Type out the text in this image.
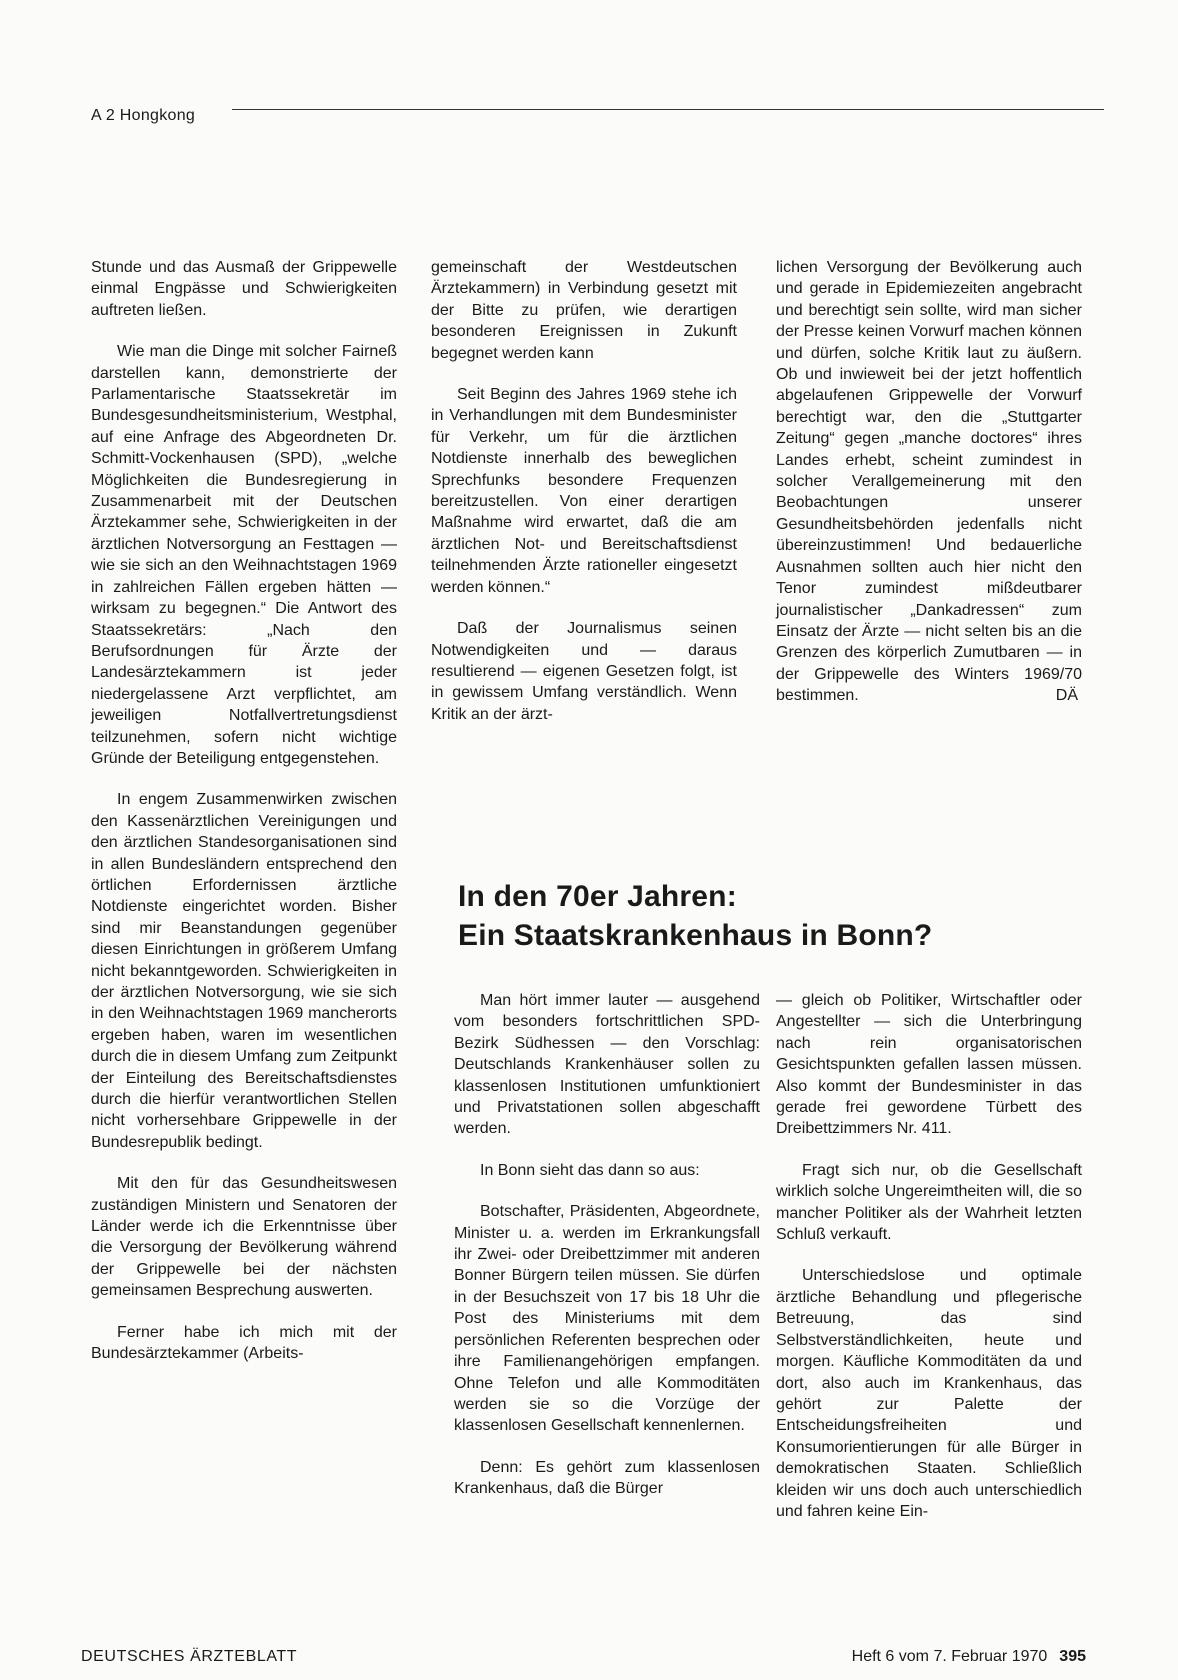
A 2 Hongkong

Stunde und das Ausmaß der Grippewelle einmal Engpässe und Schwierigkeiten auftreten ließen.

Wie man die Dinge mit solcher Fairneß darstellen kann, demonstrierte der Parlamentarische Staatssekretär im Bundesgesundheitsministerium, Westphal, auf eine Anfrage des Abgeordneten Dr. Schmitt-Vockenhausen (SPD), „welche Möglichkeiten die Bundesregierung in Zusammenarbeit mit der Deutschen Ärztekammer sehe, Schwierigkeiten in der ärztlichen Notversorgung an Festtagen — wie sie sich an den Weihnachtstagen 1969 in zahlreichen Fällen ergeben hätten — wirksam zu begegnen.“ Die Antwort des Staatssekretärs: „Nach den Berufsordnungen für Ärzte der Landesärztekammern ist jeder niedergelassene Arzt verpflichtet, am jeweiligen Notfallvertretungsdienst teilzunehmen, sofern nicht wichtige Gründe der Beteiligung entgegenstehen.

In engem Zusammenwirken zwischen den Kassenärztlichen Vereinigungen und den ärztlichen Standesorganisationen sind in allen Bundesländern entsprechend den örtlichen Erfordernissen ärztliche Notdienste eingerichtet worden. Bisher sind mir Beanstandungen gegenüber diesen Einrichtungen in größerem Umfang nicht bekanntgeworden. Schwierigkeiten in der ärztlichen Notversorgung, wie sie sich in den Weihnachtstagen 1969 mancherorts ergeben haben, waren im wesentlichen durch die in diesem Umfang zum Zeitpunkt der Einteilung des Bereitschaftsdienstes durch die hierfür verantwortlichen Stellen nicht vorhersehbare Grippewelle in der Bundesrepublik bedingt.

Mit den für das Gesundheitswesen zuständigen Ministern und Senatoren der Länder werde ich die Erkenntnisse über die Versorgung der Bevölkerung während der Grippewelle bei der nächsten gemeinsamen Besprechung auswerten.

Ferner habe ich mich mit der Bundesärztekammer (Arbeits-

gemeinschaft der Westdeutschen Ärztekammern) in Verbindung gesetzt mit der Bitte zu prüfen, wie derartigen besonderen Ereignissen in Zukunft begegnet werden kann

Seit Beginn des Jahres 1969 stehe ich in Verhandlungen mit dem Bundesminister für Verkehr, um für die ärztlichen Notdienste innerhalb des beweglichen Sprechfunks besondere Frequenzen bereitzustellen. Von einer derartigen Maßnahme wird erwartet, daß die am ärztlichen Not- und Bereitschaftsdienst teilnehmenden Ärzte rationeller eingesetzt werden können.“

Daß der Journalismus seinen Notwendigkeiten und — daraus resultierend — eigenen Gesetzen folgt, ist in gewissem Umfang verständlich. Wenn Kritik an der ärzt-

lichen Versorgung der Bevölkerung auch und gerade in Epidemiezeiten angebracht und berechtigt sein sollte, wird man sicher der Presse keinen Vorwurf machen können und dürfen, solche Kritik laut zu äußern. Ob und inwieweit bei der jetzt hoffentlich abgelaufenen Grippewelle der Vorwurf berechtigt war, den die „Stuttgarter Zeitung“ gegen „manche doctores“ ihres Landes erhebt, scheint zumindest in solcher Verallgemeinerung mit den Beobachtungen unserer Gesundheitsbehörden jedenfalls nicht übereinzustimmen! Und bedauerliche Ausnahmen sollten auch hier nicht den Tenor zumindest mißdeutbarer journalistischer „Dankadressen“ zum Einsatz der Ärzte — nicht selten bis an die Grenzen des körperlich Zumutbaren — in der Grippewelle des Winters 1969/70 bestimmen.	DÄ

In den 70er Jahren:
Ein Staatskrankenhaus in Bonn?

Man hört immer lauter — ausgehend vom besonders fortschrittlichen SPD-Bezirk Südhessen — den Vorschlag: Deutschlands Krankenhäuser sollen zu klassenlosen Institutionen umfunktioniert und Privatstationen sollen abgeschafft werden.

In Bonn sieht das dann so aus:

Botschafter, Präsidenten, Abgeordnete, Minister u. a. werden im Erkrankungsfall ihr Zwei- oder Dreibettzimmer mit anderen Bonner Bürgern teilen müssen. Sie dürfen in der Besuchszeit von 17 bis 18 Uhr die Post des Ministeriums mit dem persönlichen Referenten besprechen oder ihre Familienangehörigen empfangen. Ohne Telefon und alle Kommoditäten werden sie so die Vorzüge der klassenlosen Gesellschaft kennenlernen.

Denn: Es gehört zum klassenlosen Krankenhaus, daß die Bürger

— gleich ob Politiker, Wirtschaftler oder Angestellter — sich die Unterbringung nach rein organisatorischen Gesichtspunkten gefallen lassen müssen. Also kommt der Bundesminister in das gerade frei gewordene Türbett des Dreibettzimmers Nr. 411.

Fragt sich nur, ob die Gesellschaft wirklich solche Ungereimtheiten will, die so mancher Politiker als der Wahrheit letzten Schluß verkauft.

Unterschiedslose und optimale ärztliche Behandlung und pflegerische Betreuung, das sind Selbstverständlichkeiten, heute und morgen. Käufliche Kommoditäten da und dort, also auch im Krankenhaus, das gehört zur Palette der Entscheidungsfreiheiten und Konsumorientierungen für alle Bürger in demokratischen Staaten. Schließlich kleiden wir uns doch auch unterschiedlich und fahren keine Ein-

DEUTSCHES ÄRZTEBLATT	Heft 6 vom 7. Februar 1970 395
